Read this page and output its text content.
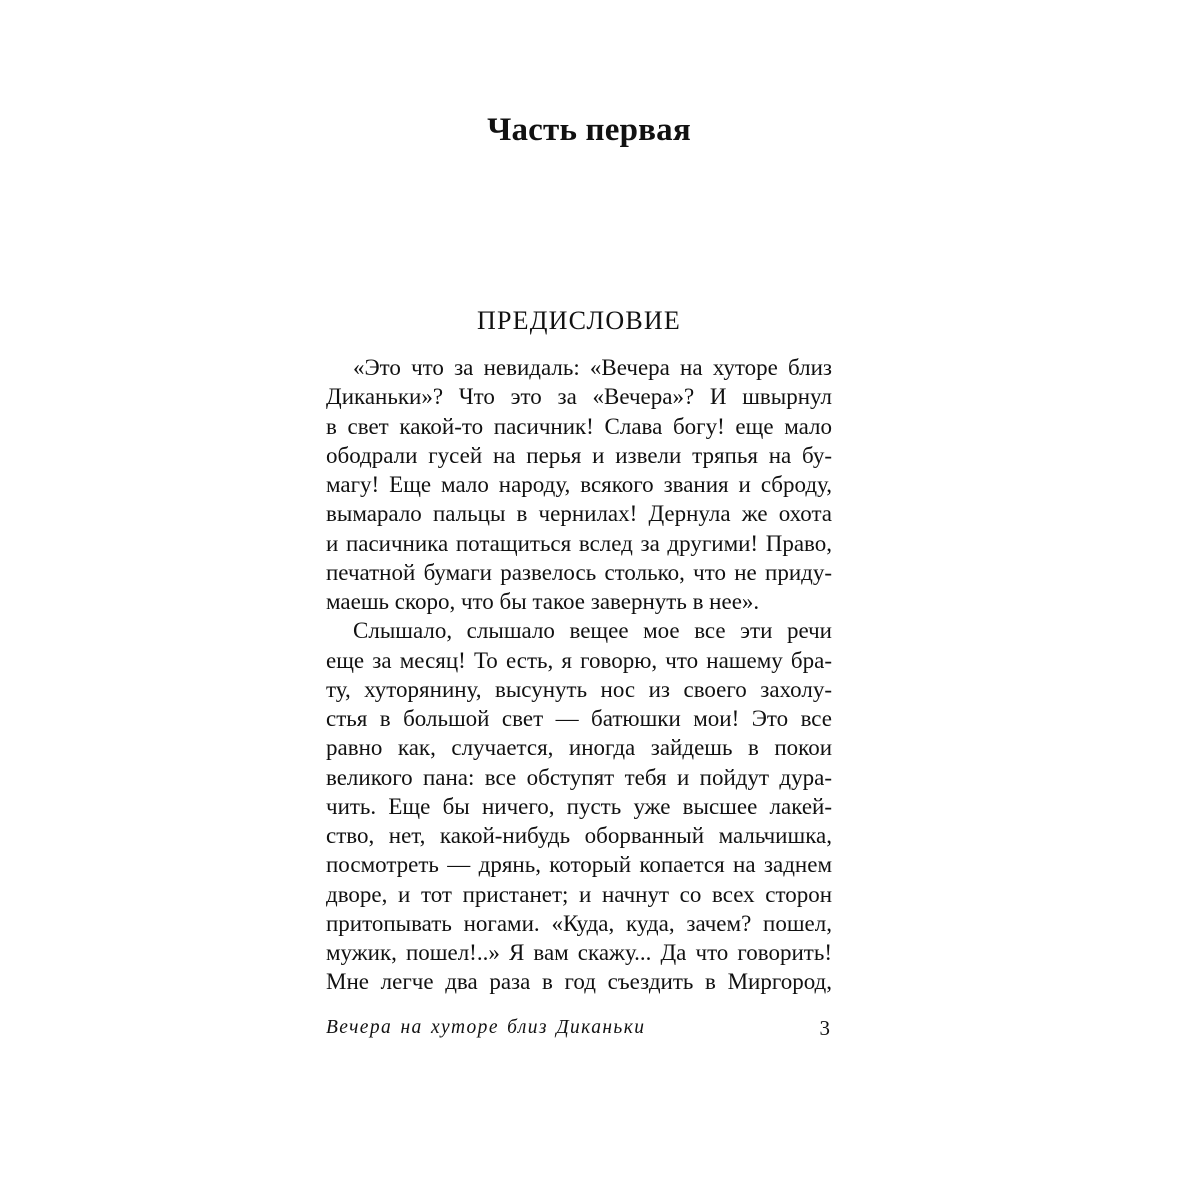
Часть первая
ПРЕДИСЛОВИЕ
«Это что за невидаль: «Вечера на хуторе близ
Диканьки»? Что это за «Вечера»? И швырнул
в свет какой-то пасичник! Слава богу! еще мало
ободрали гусей на перья и извели тряпья на бу-
магу! Еще мало народу, всякого звания и сброду,
вымарало пальцы в чернилах! Дернула же охота
и пасичника потащиться вслед за другими! Право,
печатной бумаги развелось столько, что не приду-
маешь скоро, что бы такое завернуть в нее».
Слышало, слышало вещее мое все эти речи
еще за месяц! То есть, я говорю, что нашему бра-
ту, хуторянину, высунуть нос из своего захолу-
стья в большой свет — батюшки мои! Это все
равно как, случается, иногда зайдешь в покои
великого пана: все обступят тебя и пойдут дура-
чить. Еще бы ничего, пусть уже высшее лакей-
ство, нет, какой-нибудь оборванный мальчишка,
посмотреть — дрянь, который копается на заднем
дворе, и тот пристанет; и начнут со всех сторон
притопывать ногами. «Куда, куда, зачем? пошел,
мужик, пошел!..» Я вам скажу... Да что говорить!
Мне легче два раза в год съездить в Миргород,
Вечера на хуторе близ Диканьки	3
